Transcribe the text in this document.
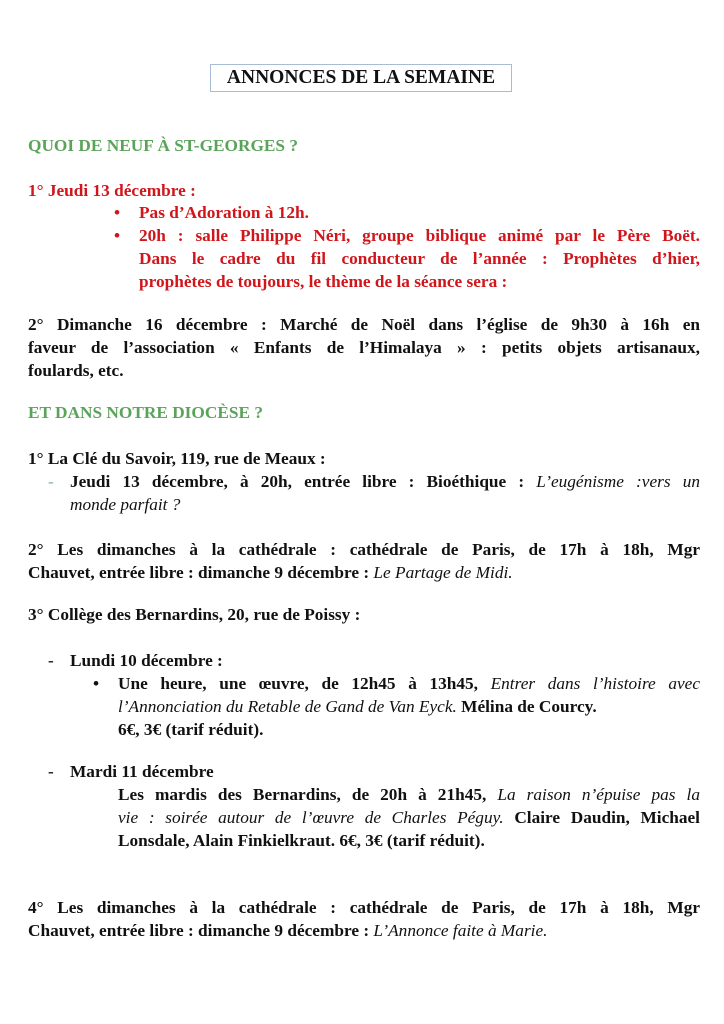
ANNONCES DE LA SEMAINE
QUOI DE NEUF À ST-GEORGES ?
1° Jeudi 13 décembre :
• Pas d’Adoration à 12h.
• 20h : salle Philippe Néri, groupe biblique animé par le Père Boët.
Dans le cadre du fil conducteur de l’année : Prophètes d’hier,
prophètes de toujours, le thème de la séance sera :
2° Dimanche 16 décembre : Marché de Noël dans l’église de 9h30 à 16h en
faveur de l’association « Enfants de l’Himalaya » : petits objets artisanaux,
foulards, etc.
ET DANS NOTRE DIOCÈSE ?
1° La Clé du Savoir, 119, rue de Meaux :
- Jeudi 13 décembre, à 20h, entrée libre : Bioéthique : L’eugénisme :vers un
monde parfait ?
2° Les dimanches à la cathédrale : cathédrale de Paris, de 17h à 18h, Mgr
Chauvet, entrée libre : dimanche 9 décembre : Le Partage de Midi.
3° Collège des Bernardins, 20, rue de Poissy :
- Lundi 10 décembre :
• Une heure, une œuvre, de 12h45 à 13h45, Entrer dans l’histoire avec
l’Annonciation du Retable de Gand de Van Eyck. Mélina de Courcy.
6€, 3€ (tarif réduit).
- Mardi 11 décembre
Les mardis des Bernardins, de 20h à 21h45, La raison n’épuise pas la
vie : soirée autour de l’œuvre de Charles Péguy. Claire Daudin, Michael
Lonsdale, Alain Finkielkraut. 6€, 3€ (tarif réduit).
4° Les dimanches à la cathédrale : cathédrale de Paris, de 17h à 18h, Mgr
Chauvet, entrée libre : dimanche 9 décembre : L’Annonce faite à Marie.
